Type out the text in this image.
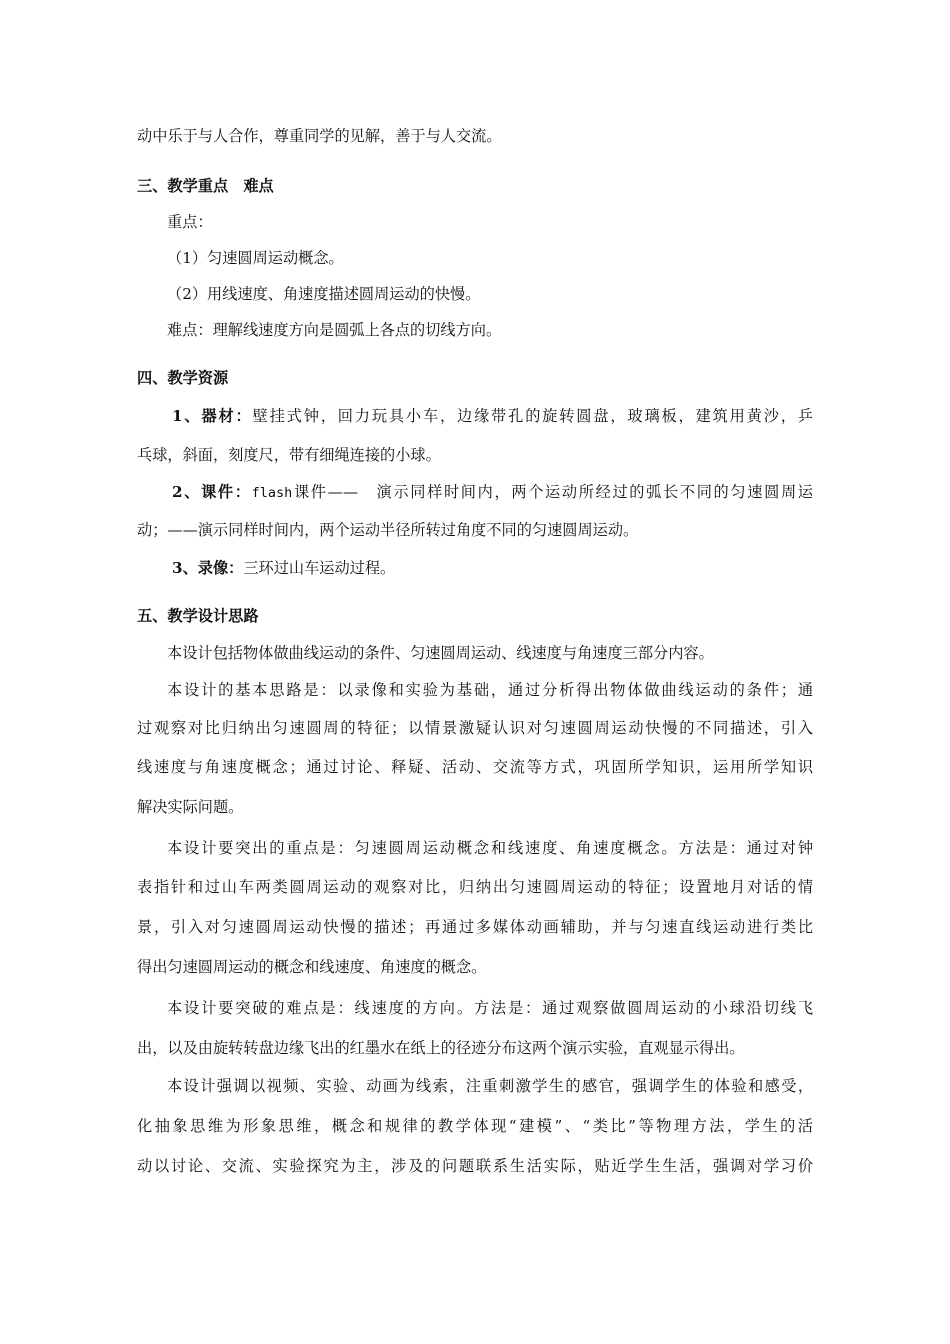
动中乐于与人合作，尊重同学的见解，善于与人交流。
三、教学重点　难点
重点：
（1）匀速圆周运动概念。
（2）用线速度、角速度描述圆周运动的快慢。
难点：理解线速度方向是圆弧上各点的切线方向。
四、教学资源
1、器材：壁挂式钟，回力玩具小车，边缘带孔的旋转圆盘，玻璃板，建筑用黄沙，乒
乓球，斜面，刻度尺，带有细绳连接的小球。
2、课件：flash课件——　演示同样时间内，两个运动所经过的弧长不同的匀速圆周运
动；——演示同样时间内，两个运动半径所转过角度不同的匀速圆周运动。
3、录像：三环过山车运动过程。
五、教学设计思路
本设计包括物体做曲线运动的条件、匀速圆周运动、线速度与角速度三部分内容。
本设计的基本思路是：以录像和实验为基础，通过分析得出物体做曲线运动的条件；通
过观察对比归纳出匀速圆周的特征；以情景激疑认识对匀速圆周运动快慢的不同描述，引入
线速度与角速度概念；通过讨论、释疑、活动、交流等方式，巩固所学知识，运用所学知识
解决实际问题。
本设计要突出的重点是：匀速圆周运动概念和线速度、角速度概念。方法是：通过对钟
表指针和过山车两类圆周运动的观察对比，归纳出匀速圆周运动的特征；设置地月对话的情
景，引入对匀速圆周运动快慢的描述；再通过多媒体动画辅助，并与匀速直线运动进行类比
得出匀速圆周运动的概念和线速度、角速度的概念。
本设计要突破的难点是：线速度的方向。方法是：通过观察做圆周运动的小球沿切线飞
出，以及由旋转转盘边缘飞出的红墨水在纸上的径迹分布这两个演示实验，直观显示得出。
本设计强调以视频、实验、动画为线索，注重刺激学生的感官，强调学生的体验和感受，
化抽象思维为形象思维，概念和规律的教学体现“建模”、“类比”等物理方法，学生的活
动以讨论、交流、实验探究为主，涉及的问题联系生活实际，贴近学生生活，强调对学习价
